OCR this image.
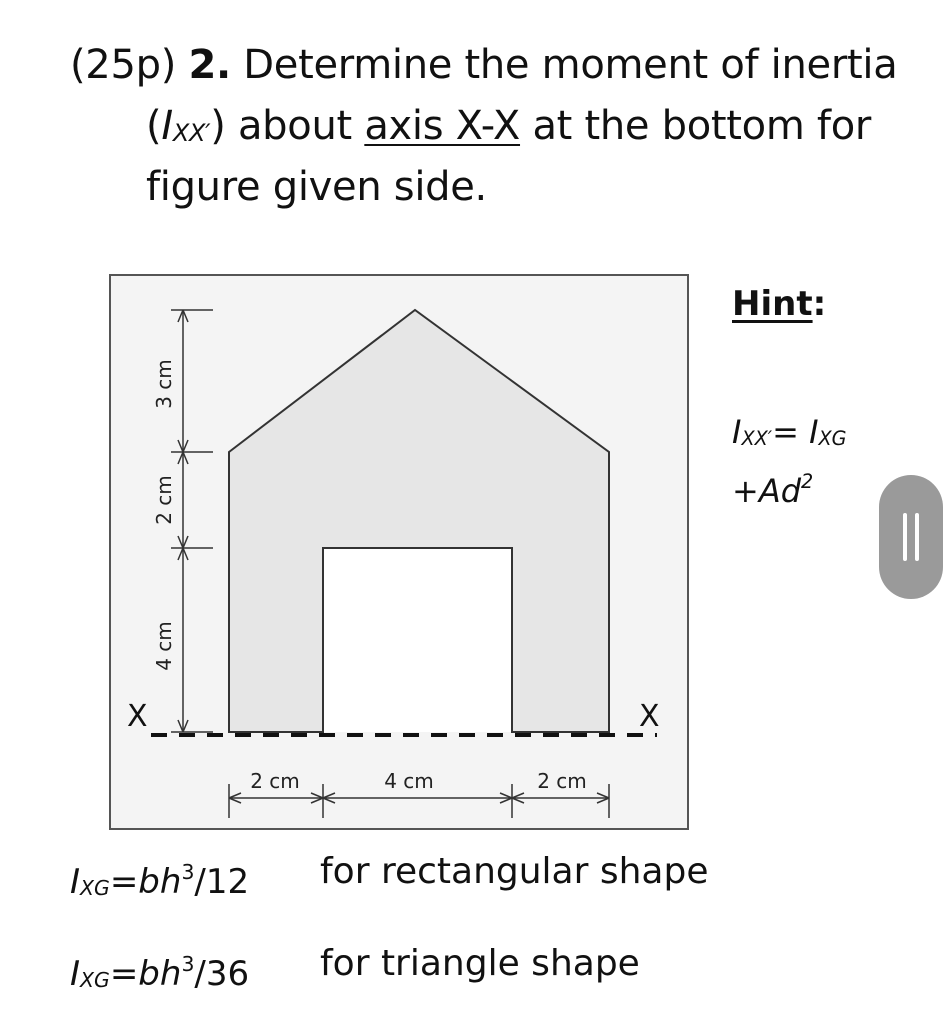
(25p) 2. Determine the moment of inertia
$(I_{XX'})$ about axis X-X at the bottom for
figure given side.
X	X
4 cm
2 cm
3 cm
2 cm	4 cm	2 cm
Hint:
$I_{XX'}= I_{XG}$
$+Ad^2$
$I_{XG}=bh^3/12$ for rectangular shape
$I_{XG}=bh^3/36$ for triangle shape
